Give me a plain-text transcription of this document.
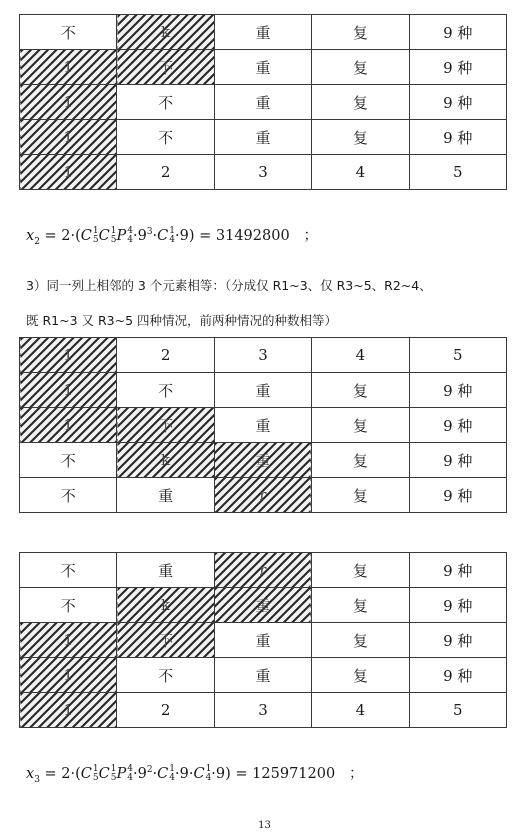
不	k	重	复	9 种
1	不	重	复	9 种
1	不	重	复	9 种
1	不	重	复	9 种
1	2	3	4	5
$x_2 = 2\cdot(C$ 1
5 C 1
5 P 4
$4 \cdot 9^3\cdot C$ 1
4 ·9) = 31492800 ；
3）同一列上相邻的 3 个元素相等：（分成仅 R1~3、仅 R3~5、R2~4、
既 R1~3 又 R3~5 四种情况，前两种情况的种数相等）
1	2	3	4	5
1	不	重	复	9 种
1	不	重	复	9 种
不	k	重	复	9 种
不	重	r	复	9 种
不	重	r	复	9 种
不	k	重	复	9 种
1	不	重	复	9 种
1	不	重	复	9 种
1	2	3	4	5
$x_3 = 2\cdot(C$ 1
5 C 1
5 P 4
$4 \cdot 9^2\cdot C$ 1
4 ·9·C 1
4 ·9) = 125971200 ；
13
